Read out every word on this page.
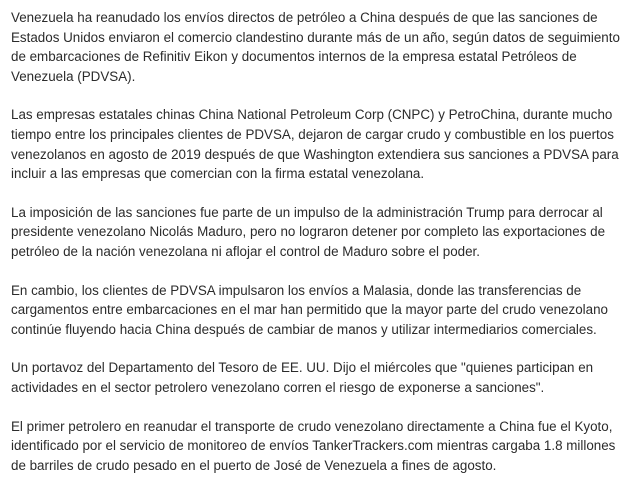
Venezuela ha reanudado los envíos directos de petróleo a China después de que las sanciones de Estados Unidos enviaron el comercio clandestino durante más de un año, según datos de seguimiento de embarcaciones de Refinitiv Eikon y documentos internos de la empresa estatal Petróleos de Venezuela (PDVSA).

Las empresas estatales chinas China National Petroleum Corp (CNPC) y PetroChina, durante mucho tiempo entre los principales clientes de PDVSA, dejaron de cargar crudo y combustible en los puertos venezolanos en agosto de 2019 después de que Washington extendiera sus sanciones a PDVSA para incluir a las empresas que comercian con la firma estatal venezolana.

La imposición de las sanciones fue parte de un impulso de la administración Trump para derrocar al presidente venezolano Nicolás Maduro, pero no lograron detener por completo las exportaciones de petróleo de la nación venezolana ni aflojar el control de Maduro sobre el poder.

En cambio, los clientes de PDVSA impulsaron los envíos a Malasia, donde las transferencias de cargamentos entre embarcaciones en el mar han permitido que la mayor parte del crudo venezolano continúe fluyendo hacia China después de cambiar de manos y utilizar intermediarios comerciales.

Un portavoz del Departamento del Tesoro de EE. UU. Dijo el miércoles que "quienes participan en actividades en el sector petrolero venezolano corren el riesgo de exponerse a sanciones".

El primer petrolero en reanudar el transporte de crudo venezolano directamente a China fue el Kyoto, identificado por el servicio de monitoreo de envíos TankerTrackers.com mientras cargaba 1.8 millones de barriles de crudo pesado en el puerto de José de Venezuela a fines de agosto.
